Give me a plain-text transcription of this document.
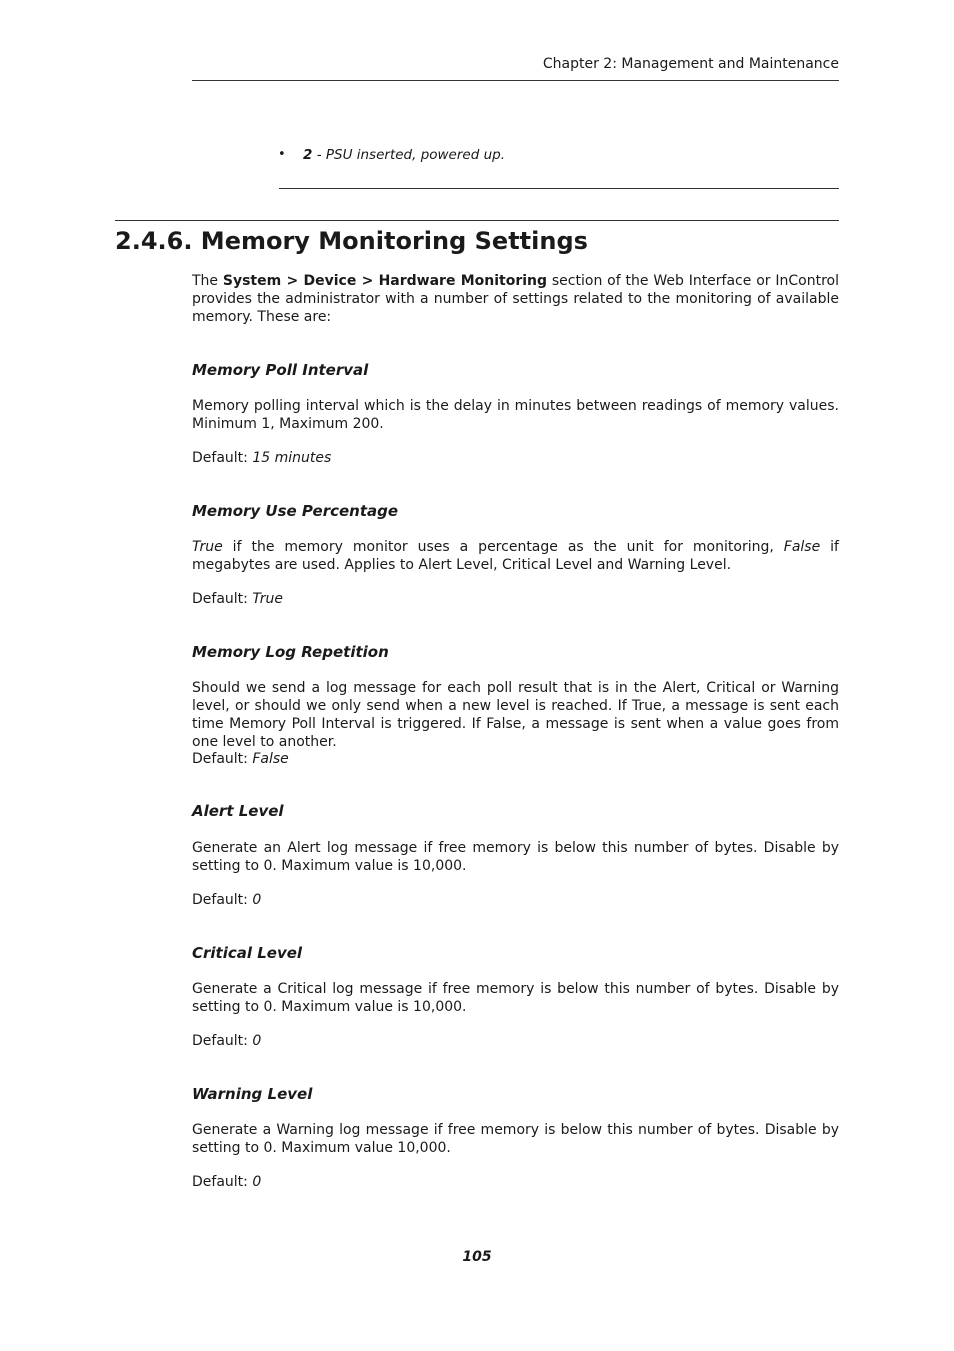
Chapter 2: Management and Maintenance
• 2 - PSU inserted, powered up.
2.4.6. Memory Monitoring Settings

The System > Device > Hardware Monitoring section of the Web Interface or InControl provides the administrator with a number of settings related to the monitoring of available memory. These are:

Memory Poll Interval

Memory polling interval which is the delay in minutes between readings of memory values. Minimum 1, Maximum 200.

Default: 15 minutes

Memory Use Percentage

True if the memory monitor uses a percentage as the unit for monitoring, False if megabytes are used. Applies to Alert Level, Critical Level and Warning Level.

Default: True

Memory Log Repetition

Should we send a log message for each poll result that is in the Alert, Critical or Warning level, or should we only send when a new level is reached. If True, a message is sent each time Memory Poll Interval is triggered. If False, a message is sent when a value goes from one level to another.

Default: False

Alert Level

Generate an Alert log message if free memory is below this number of bytes. Disable by setting to 0. Maximum value is 10,000.

Default: 0

Critical Level

Generate a Critical log message if free memory is below this number of bytes. Disable by setting to 0. Maximum value is 10,000.

Default: 0

Warning Level

Generate a Warning log message if free memory is below this number of bytes. Disable by setting to 0. Maximum value 10,000.

Default: 0

105
